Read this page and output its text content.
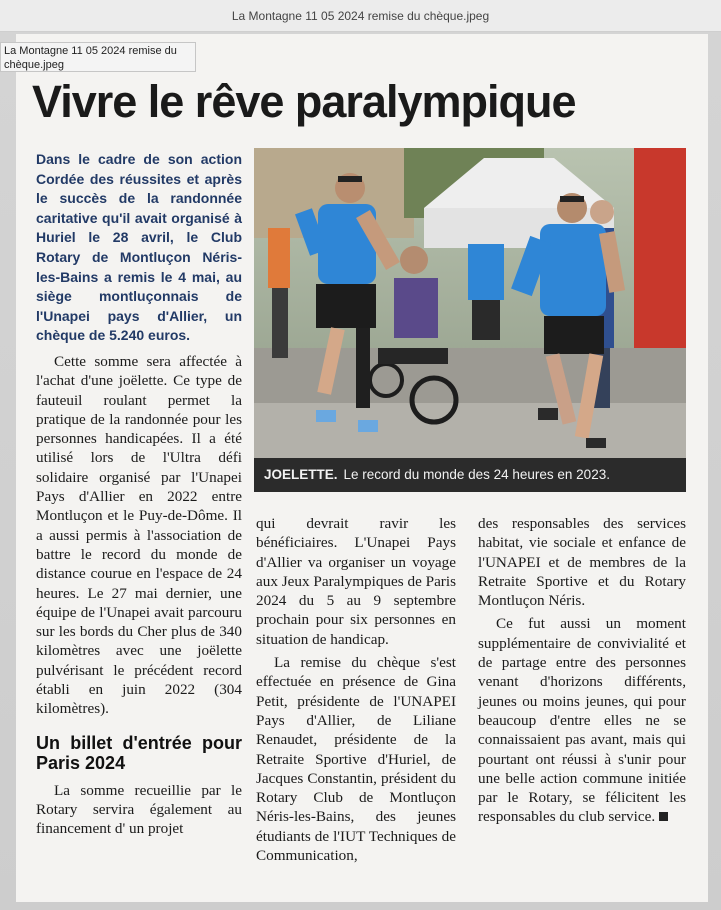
La Montagne 11 05 2024 remise du chèque.jpeg
Vivre le rêve paralympique

Dans le cadre de son action Cordée des réussites et après le succès de la randonnée caritative qu'il avait organisé à Huriel le 28 avril, le Club Rotary de Montluçon Néris-les-Bains a remis le 4 mai, au siège montluçonnais de l'Unapei pays d'Allier, un chèque de 5.240 euros.

Cette somme sera affectée à l'achat d'une joëlette. Ce type de fauteuil roulant permet la pratique de la randonnée pour les personnes handicapées. Il a été utilisé lors de l'Ultra défi solidaire organisé par l'Unapei Pays d'Allier en 2022 entre Montluçon et le Puy-de-Dôme. Il a aussi permis à l'association de battre le record du monde de distance courue en l'espace de 24 heures. Le 27 mai dernier, une équipe de l'Unapei avait parcouru sur les bords du Cher plus de 340 kilomètres avec une joëlette pulvérisant le précédent record établi en juin 2022 (304 kilomètres).

Un billet d'entrée pour Paris 2024

La somme recueillie par le Rotary servira également au financement d' un projet

JOELETTE. Le record du monde des 24 heures en 2023.

qui devrait ravir les bénéficiaires. L'Unapei Pays d'Allier va organiser un voyage aux Jeux Paralympiques de Paris 2024 du 5 au 9 septembre prochain pour six personnes en situation de handicap.

La remise du chèque s'est effectuée en présence de Gina Petit, présidente de l'UNAPEI Pays d'Allier, de Liliane Renaudet, présidente de la Retraite Sportive d'Huriel, de Jacques Constantin, président du Rotary Club de Montluçon Néris-les-Bains, des jeunes étudiants de l'IUT Techniques de Communication,

des responsables des services habitat, vie sociale et enfance de l'UNAPEI et de membres de la Retraite Sportive et du Rotary Montluçon Néris.

Ce fut aussi un moment supplémentaire de convivialité et de partage entre des personnes venant d'horizons différents, jeunes ou moins jeunes, qui pour beaucoup d'entre elles ne se connaissaient pas avant, mais qui pourtant ont réussi à s'unir pour une belle action commune initiée par le Rotary, se félicitent les responsables du club service.

La Montagne 11 05 2024 remise du chèque.jpeg
